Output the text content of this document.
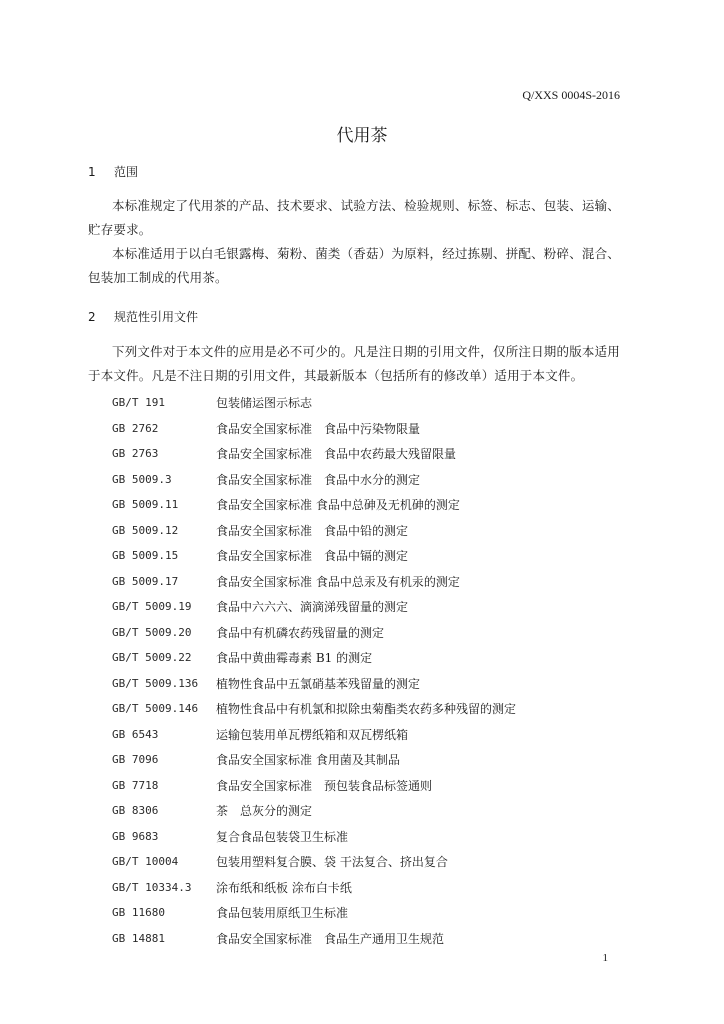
Q/XXS 0004S-2016
代用茶
1 范围
本标准规定了代用茶的产品、技术要求、试验方法、检验规则、标签、标志、包装、运输、
贮存要求。
本标准适用于以白毛银露梅、菊粉、菌类（香菇）为原料，经过拣剔、拼配、粉碎、混合、
包装加工制成的代用茶。
2 规范性引用文件
下列文件对于本文件的应用是必不可少的。凡是注日期的引用文件，仅所注日期的版本适用
于本文件。凡是不注日期的引用文件，其最新版本（包括所有的修改单）适用于本文件。
GB/T 191	包装储运图示标志
GB 2762	食品安全国家标准　食品中污染物限量
GB 2763	食品安全国家标准　食品中农药最大残留限量
GB 5009.3	食品安全国家标准　食品中水分的测定
GB 5009.11	食品安全国家标准 食品中总砷及无机砷的测定
GB 5009.12	食品安全国家标准　食品中铅的测定
GB 5009.15	食品安全国家标准　食品中镉的测定
GB 5009.17	食品安全国家标准 食品中总汞及有机汞的测定
GB/T 5009.19	食品中六六六、滴滴涕残留量的测定
GB/T 5009.20	食品中有机磷农药残留量的测定
GB/T 5009.22	食品中黄曲霉毒素 B1 的测定
GB/T 5009.136	植物性食品中五氯硝基苯残留量的测定
GB/T 5009.146	植物性食品中有机氯和拟除虫菊酯类农药多种残留的测定
GB 6543	运输包装用单瓦楞纸箱和双瓦楞纸箱
GB 7096	食品安全国家标准 食用菌及其制品
GB 7718	食品安全国家标准　预包装食品标签通则
GB 8306	茶　总灰分的测定
GB 9683	复合食品包装袋卫生标准
GB/T 10004	包装用塑料复合膜、袋 干法复合、挤出复合
GB/T 10334.3	涂布纸和纸板 涂布白卡纸
GB 11680	食品包装用原纸卫生标准
GB 14881	食品安全国家标准　食品生产通用卫生规范
1
